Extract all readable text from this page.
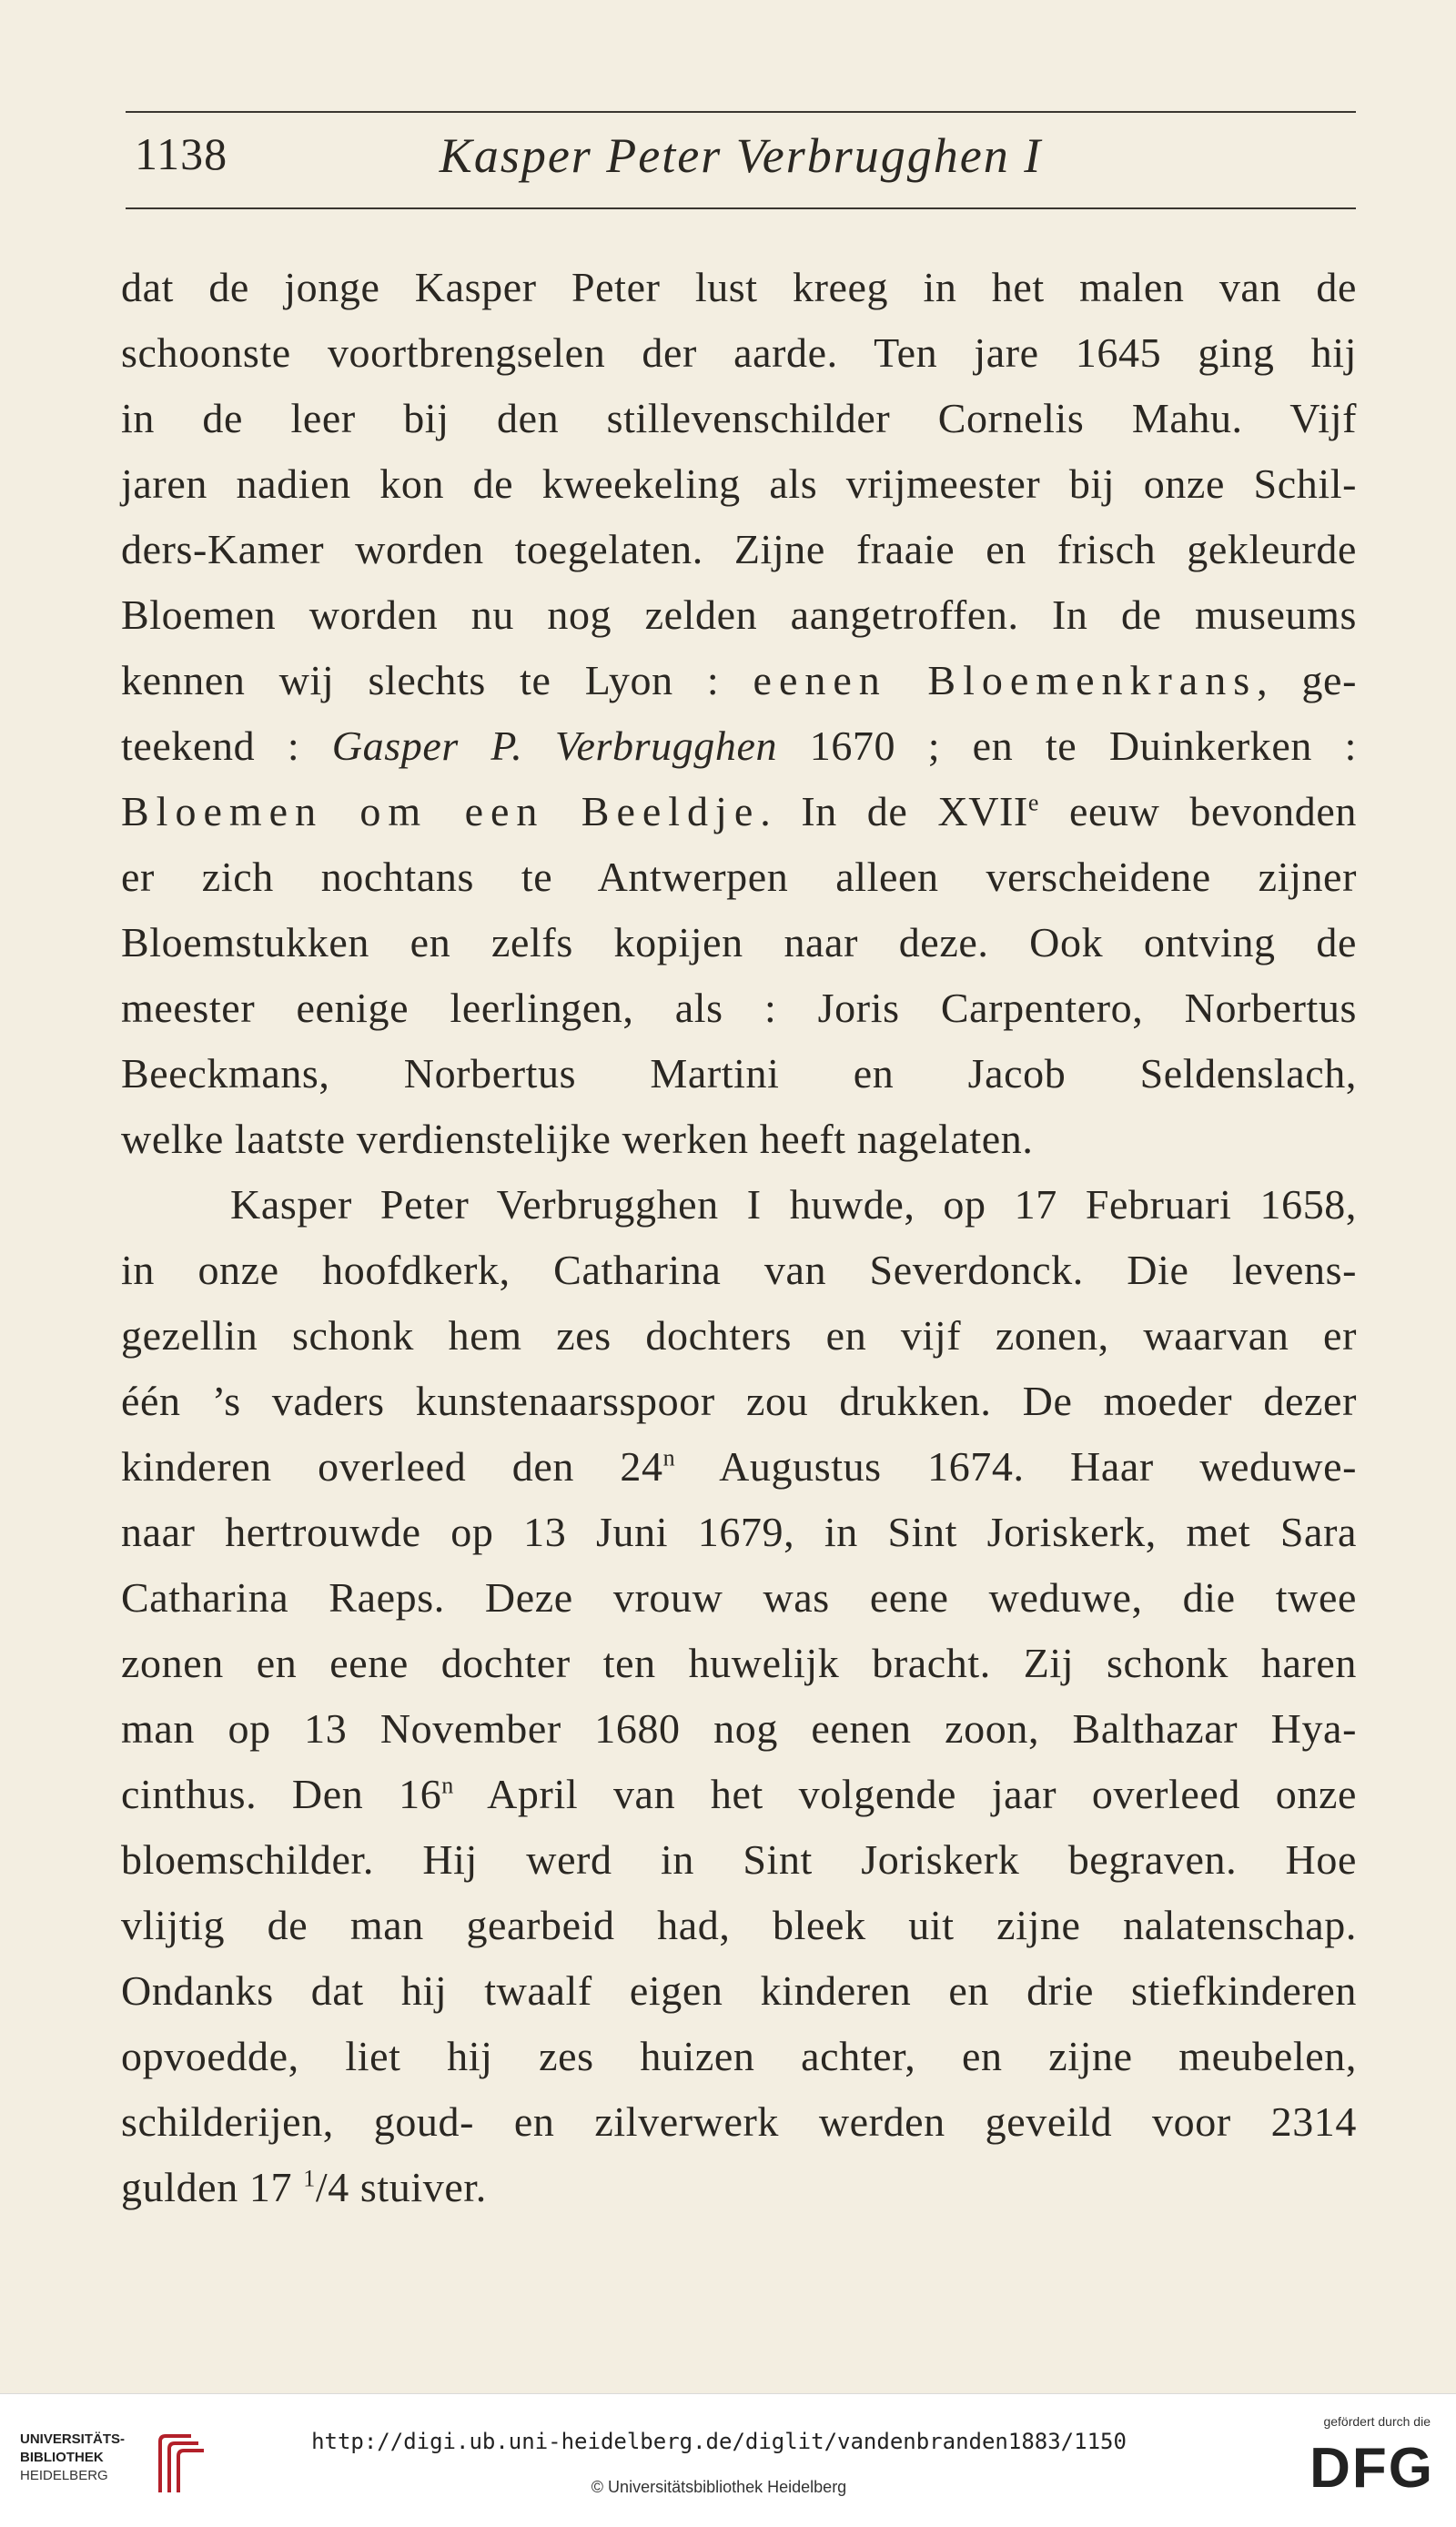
1138	Kasper Peter Verbrugghen I
dat de jonge Kasper Peter lust kreeg in het malen van de
schoonste voortbrengselen der aarde. Ten jare 1645 ging hij
in de leer bij den stillevenschilder Cornelis Mahu. Vijf
jaren nadien kon de kweekeling als vrijmeester bij onze Schil-
ders-Kamer worden toegelaten. Zijne fraaie en frisch gekleurde
Bloemen worden nu nog zelden aangetroffen. In de museums
kennen wij slechts te Lyon : eenen Bloemenkrans, ge-
teekend : Gasper P. Verbrugghen 1670 ; en te Duinkerken :
Bloemen om een Beeldje. In de XVIIe eeuw bevonden
er zich nochtans te Antwerpen alleen verscheidene zijner
Bloemstukken en zelfs kopijen naar deze. Ook ontving de
meester eenige leerlingen, als : Joris Carpentero, Norbertus
Beeckmans, Norbertus Martini en Jacob Seldenslach,
welke laatste verdienstelijke werken heeft nagelaten.
Kasper Peter Verbrugghen I huwde, op 17 Februari 1658,
in onze hoofdkerk, Catharina van Severdonck. Die levens-
gezellin schonk hem zes dochters en vijf zonen, waarvan er
één ’s vaders kunstenaarsspoor zou drukken. De moeder dezer
kinderen overleed den 24$^n$ Augustus 1674. Haar weduwe-
naar hertrouwde op 13 Juni 1679, in Sint Joriskerk, met Sara
Catharina Raeps. Deze vrouw was eene weduwe, die twee
zonen en eene dochter ten huwelijk bracht. Zij schonk haren
man op 13 November 1680 nog eenen zoon, Balthazar Hya-
cinthus. Den 16$^n$ April van het volgende jaar overleed onze
bloemschilder. Hij werd in Sint Joriskerk begraven. Hoe
vlijtig de man gearbeid had, bleek uit zijne nalatenschap.
Ondanks dat hij twaalf eigen kinderen en drie stiefkinderen
opvoedde, liet hij zes huizen achter, en zijne meubelen,
schilderijen, goud- en zilverwerk werden geveild voor 2314
gulden 17 $^1$/4 stuiver.
UNIVERSITÄTS-
BIBLIOTHEK
HEIDELBERG
http://digi.ub.uni-heidelberg.de/diglit/vandenbranden1883/1150
© Universitätsbibliothek Heidelberg
gefördert durch die
DFG
